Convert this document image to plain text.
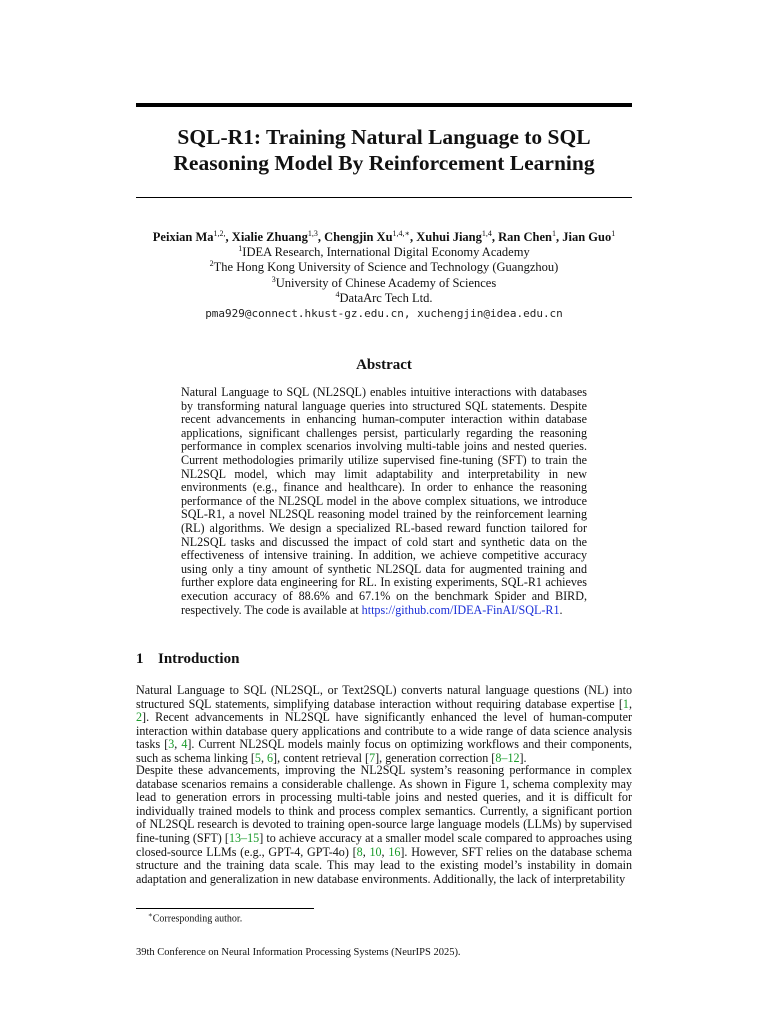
SQL-R1: Training Natural Language to SQL
Reasoning Model By Reinforcement Learning
Peixian $Ma^{1,2,}$, Xialie Zhuang$^{1,3}$, Chengjin $Xu^{1,4,∗}$, Xuhui Jiang$^{1,4}$, Ran Chen$^1$, Jian Guo$^1$
$^1$IDEA Research, International Digital Economy Academy
$^2$The Hong Kong University of Science and Technology (Guangzhou)
$^3$University of Chinese Academy of Sciences
$^4$DataArc Tech Ltd.
pma929@connect.hkust-gz.edu.cn, xuchengjin@idea.edu.cn
Abstract

Natural Language to SQL (NL2SQL) enables intuitive interactions with databases by transforming natural language queries into structured SQL statements. Despite recent advancements in enhancing human-computer interaction within database applications, significant challenges persist, particularly regarding the reasoning performance in complex scenarios involving multi-table joins and nested queries. Current methodologies primarily utilize supervised fine-tuning (SFT) to train the NL2SQL model, which may limit adaptability and interpretability in new environments (e.g., finance and healthcare). In order to enhance the reasoning performance of the NL2SQL model in the above complex situations, we introduce SQL-R1, a novel NL2SQL reasoning model trained by the reinforcement learning (RL) algorithms. We design a specialized RL-based reward function tailored for NL2SQL tasks and discussed the impact of cold start and synthetic data on the effectiveness of intensive training. In addition, we achieve competitive accuracy using only a tiny amount of synthetic NL2SQL data for augmented training and further explore data engineering for RL. In existing experiments, SQL-R1 achieves execution accuracy of 88.6% and 67.1% on the benchmark Spider and BIRD, respectively. The code is available at https://github.com/IDEA-FinAI/SQL-R1.

1 Introduction

Natural Language to SQL (NL2SQL, or Text2SQL) converts natural language questions (NL) into structured SQL statements, simplifying database interaction without requiring database expertise [1, 2]. Recent advancements in NL2SQL have significantly enhanced the level of human-computer interaction within database query applications and contribute to a wide range of data science analysis tasks [3, 4]. Current NL2SQL models mainly focus on optimizing workflows and their components, such as schema linking [5, 6], content retrieval [7], generation correction [8–12].

Despite these advancements, improving the NL2SQL system’s reasoning performance in complex database scenarios remains a considerable challenge. As shown in Figure 1, schema complexity may lead to generation errors in processing multi-table joins and nested queries, and it is difficult for individually trained models to think and process complex semantics. Currently, a significant portion of NL2SQL research is devoted to training open-source large language models (LLMs) by supervised fine-tuning (SFT) [13–15] to achieve accuracy at a smaller model scale compared to approaches using closed-source LLMs (e.g., GPT-4, GPT-4o) [8, 10, 16]. However, SFT relies on the database schema structure and the training data scale. This may lead to the existing model’s instability in domain adaptation and generalization in new database environments. Additionally, the lack of interpretability

∗Corresponding author.
39th Conference on Neural Information Processing Systems (NeurIPS 2025).
